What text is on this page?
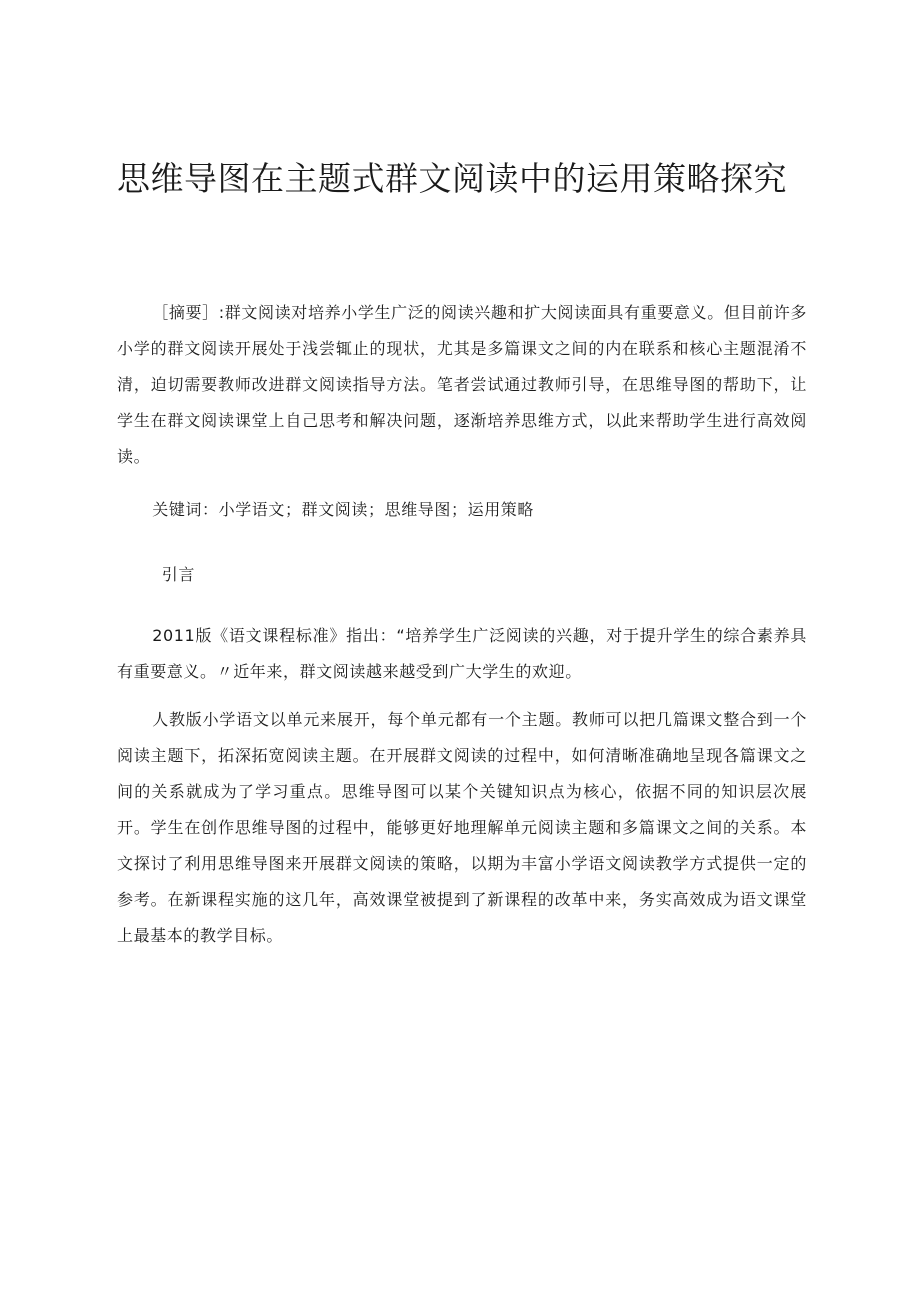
思维导图在主题式群文阅读中的运用策略探究

［摘要］:群文阅读对培养小学生广泛的阅读兴趣和扩大阅读面具有重要意义。但目前许多小学的群文阅读开展处于浅尝辄止的现状，尤其是多篇课文之间的内在联系和核心主题混淆不清，迫切需要教师改进群文阅读指导方法。笔者尝试通过教师引导，在思维导图的帮助下，让学生在群文阅读课堂上自己思考和解决问题，逐渐培养思维方式，以此来帮助学生进行高效阅读。

关键词：小学语文；群文阅读；思维导图；运用策略

引言

2011版《语文课程标准》指出：“培养学生广泛阅读的兴趣，对于提升学生的综合素养具有重要意义。〃近年来，群文阅读越来越受到广大学生的欢迎。

人教版小学语文以单元来展开，每个单元都有一个主题。教师可以把几篇课文整合到一个阅读主题下，拓深拓宽阅读主题。在开展群文阅读的过程中，如何清晰准确地呈现各篇课文之间的关系就成为了学习重点。思维导图可以某个关键知识点为核心，依据不同的知识层次展开。学生在创作思维导图的过程中，能够更好地理解单元阅读主题和多篇课文之间的关系。本文探讨了利用思维导图来开展群文阅读的策略，以期为丰富小学语文阅读教学方式提供一定的参考。在新课程实施的这几年，高效课堂被提到了新课程的改革中来，务实高效成为语文课堂上最基本的教学目标。
